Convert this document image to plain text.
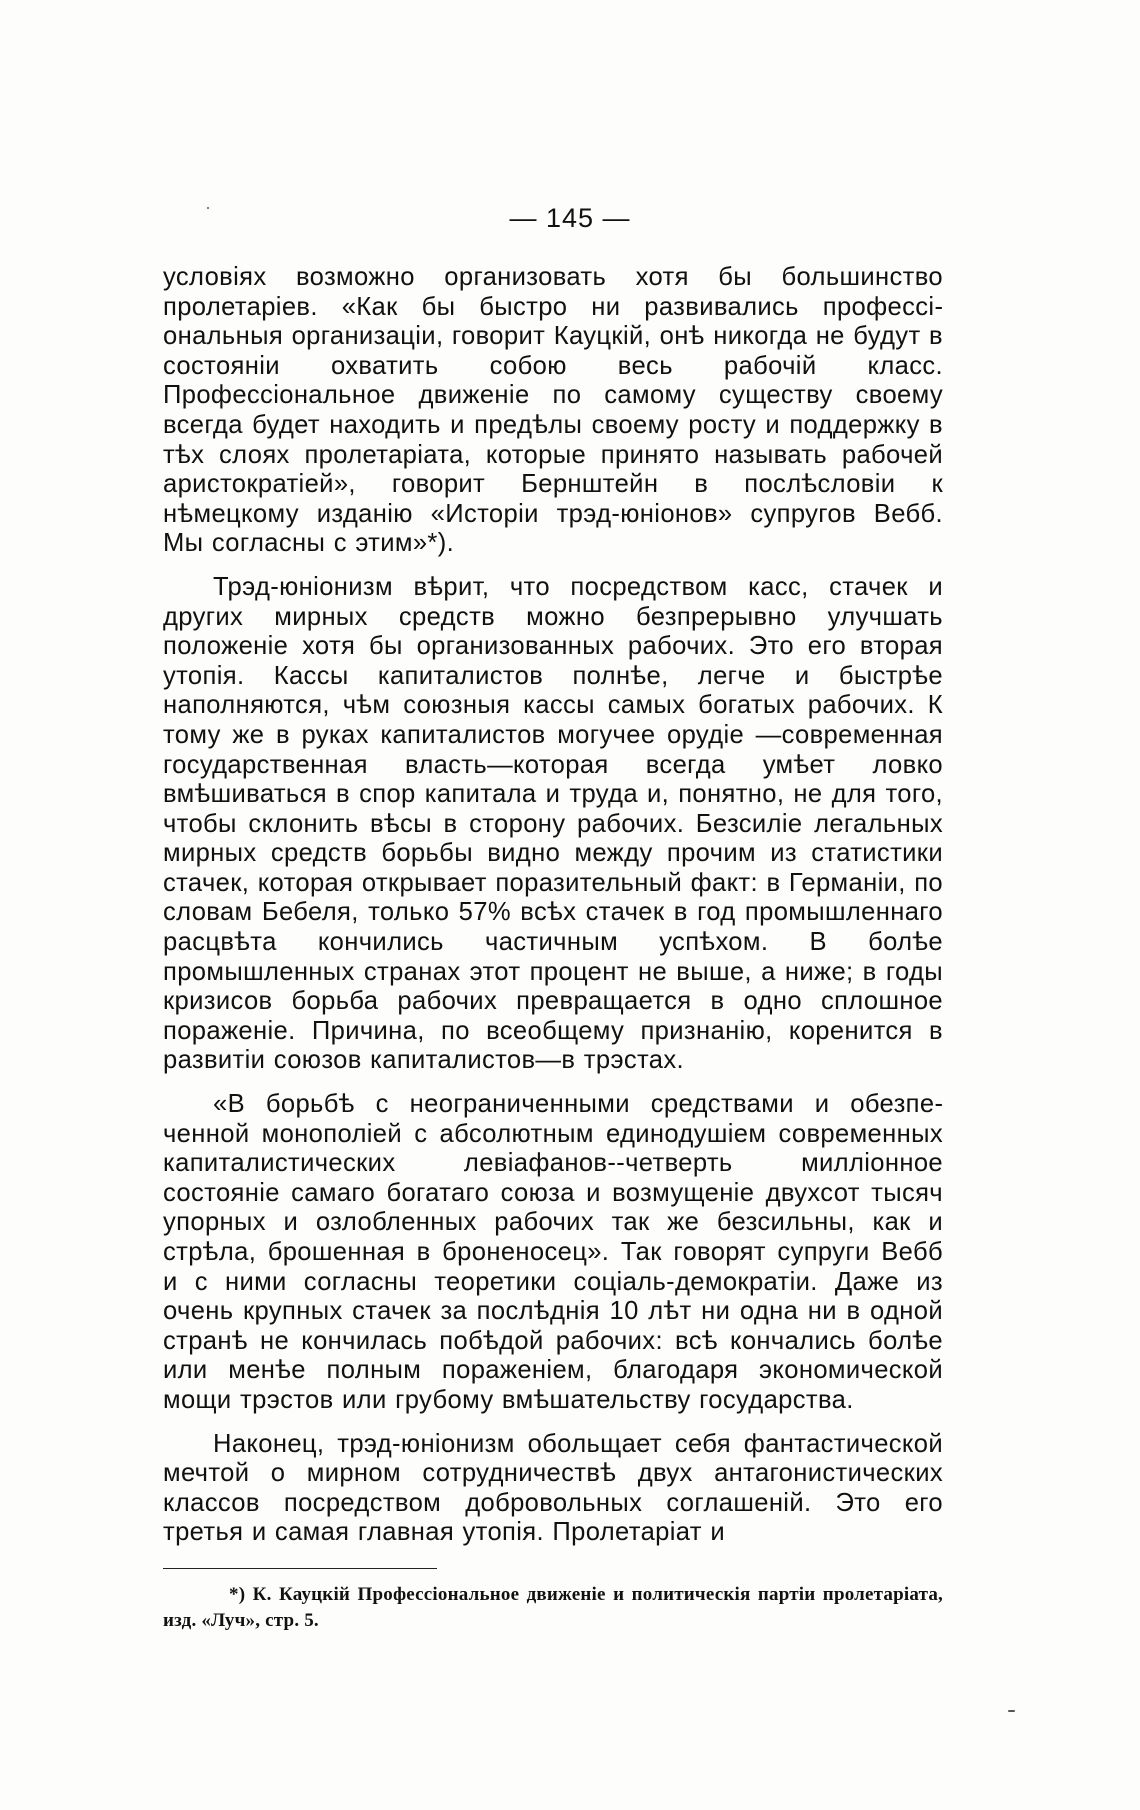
— 145 —

условіях возможно организовать хотя бы большинство пролетаріев. «Как бы быстро ни развивались профессіональныя организаціи, говорит Кауцкій, онѣ никогда не будут в состояніи охватить собою весь рабочій класс. Профессіональное движеніе по самому существу своему всегда будет находить и предѣлы своему росту и поддержку в тѣх слоях пролетаріата, которые принято называть рабочей аристократіей», говорит Бернштейн в послѣсловіи к нѣмецкому изданію «Исторіи трэд-юніонов» супругов Вебб. Мы согласны с этим»*).

Трэд-юніонизм вѣрит, что посредством касс, стачек и других мирных средств можно безпрерывно улучшать положеніе хотя бы организованных рабочих. Это его вторая утопія. Кассы капиталистов полнѣе, легче и быстрѣе наполняются, чѣм союзныя кассы самых богатых рабочих. К тому же в руках капиталистов могучее орудіе —современная государственная власть—которая всегда умѣет ловко вмѣшиваться в спор капитала и труда и, понятно, не для того, чтобы склонить вѣсы в сторону рабочих. Безсиліе легальных мирных средств борьбы видно между прочим из статистики стачек, которая открывает поразительный факт: в Германіи, по словам Бебеля, только 57% всѣх стачек в год промышленнаго расцвѣта кончились частичным успѣхом. В болѣе промышленных странах этот процент не выше, а ниже; в годы кризисов борьба рабочих превращается в одно сплошное пораженіе. Причина, по всеобщему признанію, коренится в развитіи союзов капиталистов—в трэстах.

«В борьбѣ с неограниченными средствами и обезпеченной монополіей с абсолютным единодушіем современных капиталистических левіафанов--четверть милліонное состояніе самаго богатаго союза и возмущеніе двухсот тысяч упорных и озлобленных рабочих так же безсильны, как и стрѣла, брошенная в броненосец». Так говорят супруги Вебб и с ними согласны теоретики соціаль-демократіи. Даже из очень крупных стачек за послѣднія 10 лѣт ни одна ни в одной странѣ не кончилась побѣдой рабочих: всѣ кончались болѣе или менѣе полным пораженіем, благодаря экономической мощи трэстов или грубому вмѣшательству государства.

Наконец, трэд-юніонизм обольщает себя фантастической мечтой о мирном сотрудничествѣ двух антагонистических классов посредством добровольных соглашеній. Это его третья и самая главная утопія. Пролетаріат и

*) К. Кауцкій Профессіональное движеніе и политическія партіи пролетаріата, изд. «Луч», стр. 5.
